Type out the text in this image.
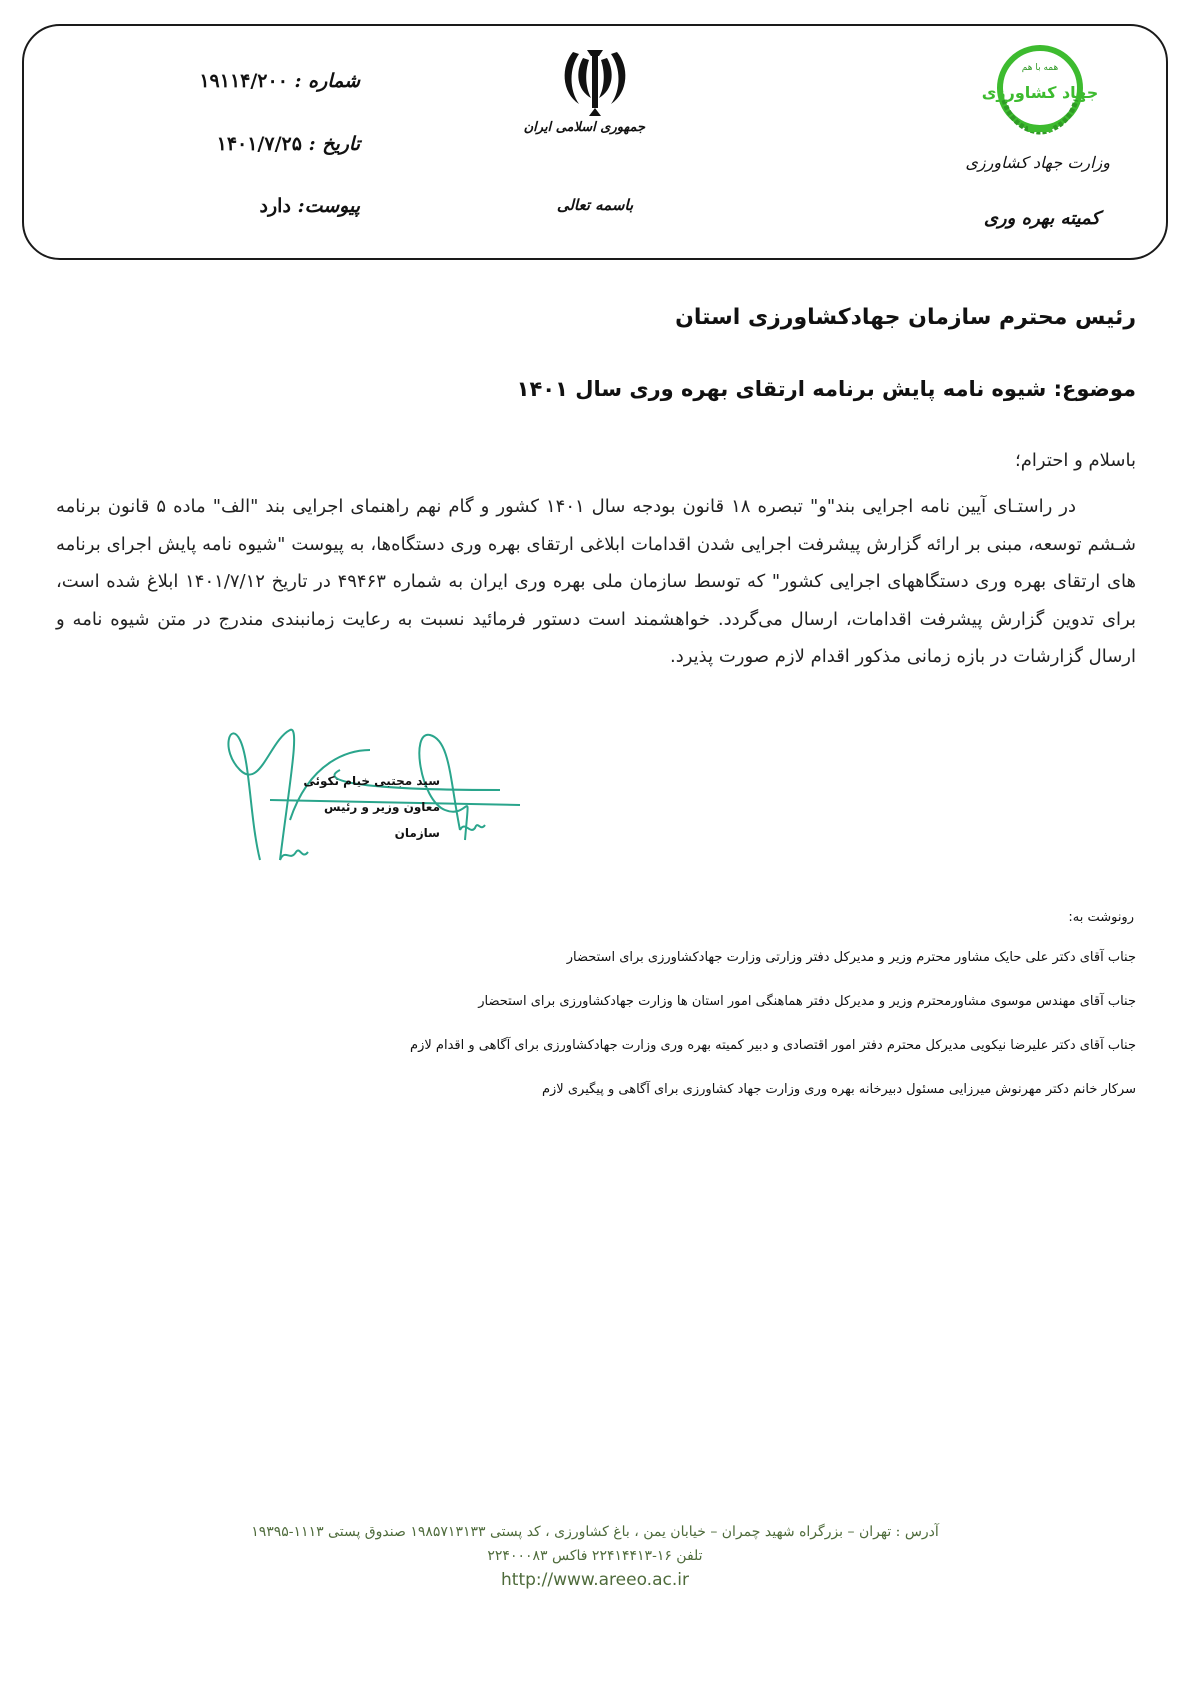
شماره : ۱۹۱۱۴/۲۰۰
تاریخ : ۱۴۰۱/۷/۲۵
پیوست: دارد
جمهوری اسلامی ایران
باسمه تعالی
همه با هم
جهاد کشاورزی
وزارت جهاد کشاورزی
کمیته بهره وری
رئیس محترم سازمان جهادکشاورزی استان
موضوع: شیوه نامه پایش برنامه ارتقای بهره وری سال ۱۴۰۱
باسلام و احترام؛
در راستـای آیین نامه اجرایی بند"و" تبصره ۱۸ قانون بودجه سال ۱۴۰۱ کشور و گام نهم راهنمای اجرایی بند "الف" ماده ۵ قانون برنامه شـشم توسعه، مبنی بر ارائه گزارش پیشرفت اجرایی شدن اقدامات ابلاغی ارتقای بهره وری دستگاه‌ها، به پیوست "شیوه نامه پایش اجرای برنامه های ارتقای بهره وری دستگاههای اجرایی کشور" که توسط سازمان ملی بهره وری ایران به شماره ۴۹۴۶۳ در تاریخ ۱۴۰۱/۷/۱۲ ابلاغ شده است، برای تدوین گزارش پیشرفت اقدامات، ارسال می‌گردد. خواهشمند است دستور فرمائید نسبت به رعایت زمانبندی مندرج در متن شیوه نامه و ارسال گزارشات در بازه زمانی مذکور اقدام لازم صورت پذیرد.
سید مجتبی خیام نکوئی
معاون وزیر و رئیس سازمان
رونوشت به:
جناب آقای دکتر علی حایک مشاور محترم وزیر و مدیرکل دفتر وزارتی وزارت جهادکشاورزی برای استحضار
جناب آقای مهندس موسوی مشاورمحترم وزیر و مدیرکل دفتر هماهنگی امور استان ها وزارت جهادکشاورزی برای استحضار
جناب آقای دکتر علیرضا نیکویی مدیرکل محترم دفتر امور اقتصادی و دبیر کمیته بهره وری وزارت جهادکشاورزی برای آگاهی و اقدام لازم
سرکار خانم دکتر مهرنوش میرزایی مسئول دبیرخانه بهره وری وزارت جهاد کشاورزی برای آگاهی و پیگیری لازم
آدرس : تهران – بزرگراه شهید چمران – خیابان یمن ، باغ کشاورزی ، کد پستی ۱۹۸۵۷۱۳۱۳۳ صندوق پستی ۱۱۱۳-۱۹۳۹۵
تلفن ۱۶-۲۲۴۱۴۴۱۳ فاکس ۲۲۴۰۰۰۸۳
http://www.areeo.ac.ir
